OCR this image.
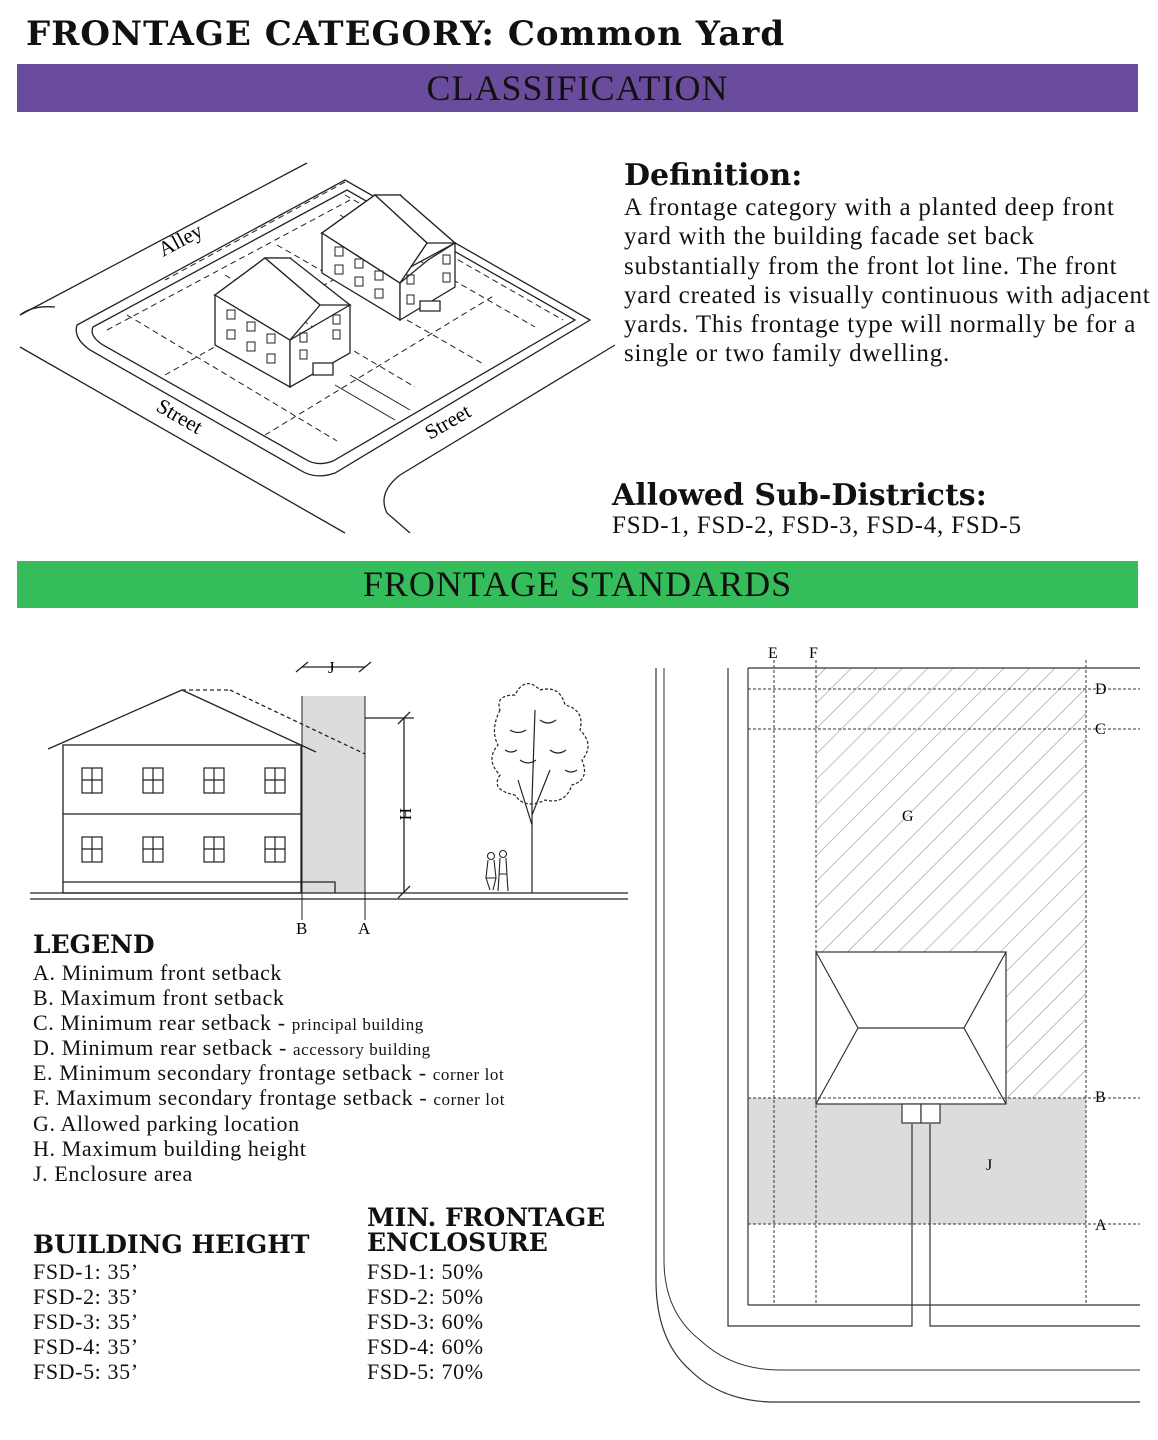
FRONTAGE CATEGORY: Common Yard
CLASSIFICATION
Alley
Street	Street
Definition:
A frontage category with a planted deep front yard with the building facade set back substantially from the front lot line. The front yard created is visually continuous with adjacent yards. This frontage type will normally be for a single or two family dwelling.
Allowed Sub-Districts:
FSD-1, FSD-2, FSD-3, FSD-4, FSD-5
FRONTAGE STANDARDS
J
H
B	A
LEGEND
A. Minimum front setback
B. Maximum front setback
C. Minimum rear setback - principal building
D. Minimum rear setback - accessory building
E. Minimum secondary frontage setback - corner lot
F. Maximum secondary frontage setback - corner lot
G. Allowed parking location
H. Maximum building height
J. Enclosure area
BUILDING HEIGHT
FSD-1: 35’
FSD-2: 35’
FSD-3: 35’
FSD-4: 35’
FSD-5: 35’
MIN. FRONTAGE
ENCLOSURE
FSD-1: 50%
FSD-2: 50%
FSD-3: 60%
FSD-4: 60%
FSD-5: 70%
E F
D
C
G
B
J
A
